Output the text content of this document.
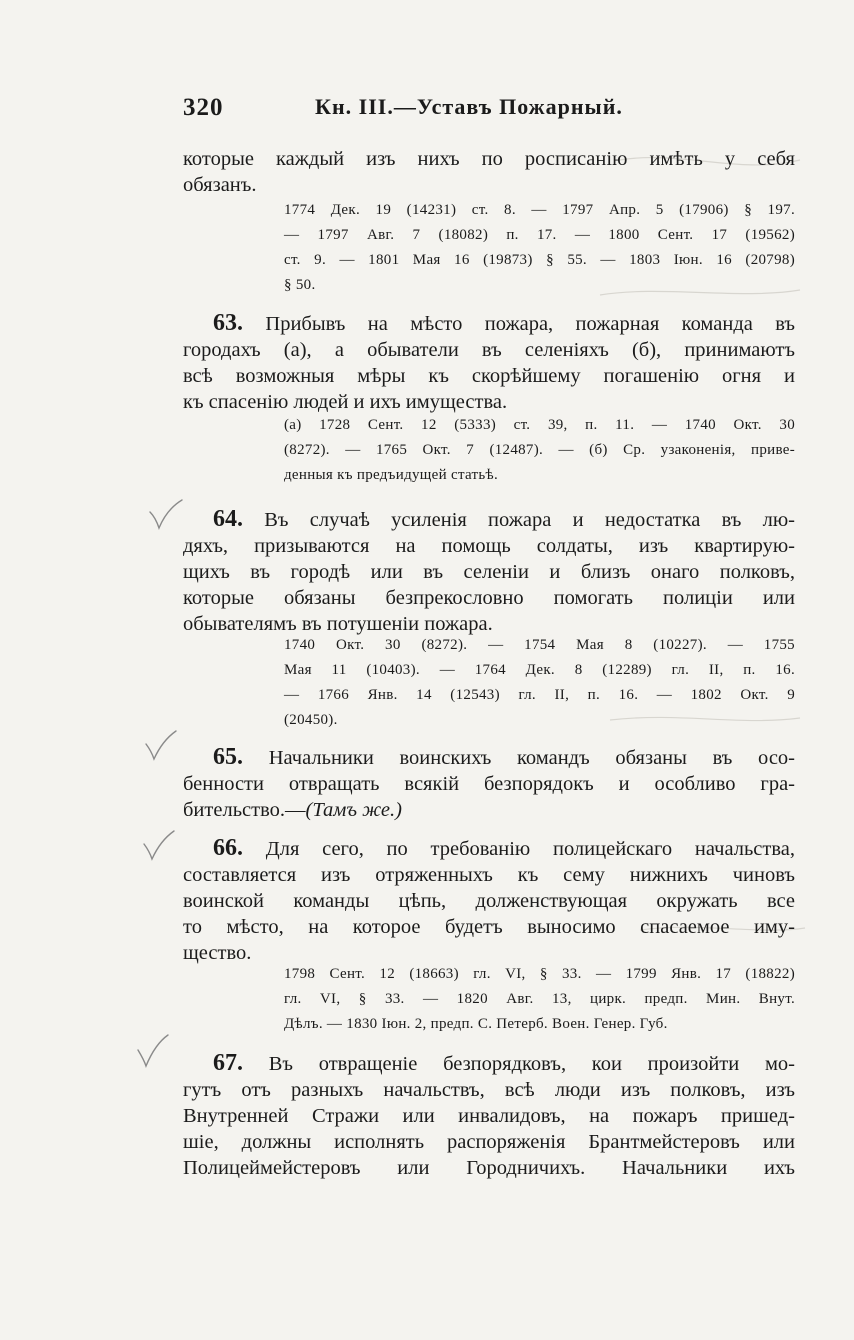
320	Кн. III.—Уставъ Пожарный.
которые каждый изъ нихъ по росписанію имѣть у себя
обязанъ.
1774 Дек. 19 (14231) ст. 8. — 1797 Апр. 5 (17906) § 197.
— 1797 Авг. 7 (18082) п. 17. — 1800 Сент. 17 (19562)
ст. 9. — 1801 Мая 16 (19873) § 55. — 1803 Іюн. 16 (20798)
§ 50.
63. Прибывъ на мѣсто пожара, пожарная команда въ
городахъ (а), а обыватели въ селеніяхъ (б), принимаютъ
всѣ возможныя мѣры къ скорѣйшему погашенію огня и
къ спасенію людей и ихъ имущества.
(а) 1728 Сент. 12 (5333) ст. 39, п. 11. — 1740 Окт. 30
(8272). — 1765 Окт. 7 (12487). — (б) Ср. узаконенія, приве-
денныя къ предъидущей статьѣ.
64. Въ случаѣ усиленія пожара и недостатка въ лю-
дяхъ, призываются на помощь солдаты, изъ квартирую-
щихъ въ городѣ или въ селеніи и близъ онаго полковъ,
которые обязаны безпрекословно помогать полиціи или
обывателямъ въ потушеніи пожара.
1740 Окт. 30 (8272). — 1754 Мая 8 (10227). — 1755
Мая 11 (10403). — 1764 Дек. 8 (12289) гл. II, п. 16.
— 1766 Янв. 14 (12543) гл. II, п. 16. — 1802 Окт. 9
(20450).
65. Начальники воинскихъ командъ обязаны въ осо-
бенности отвращать всякій безпорядокъ и особливо гра-
бительство.—(Тамъ же.)
66. Для сего, по требованію полицейскаго начальства,
составляется изъ отряженныхъ къ сему нижнихъ чиновъ
воинской команды цѣпь, долженствующая окружать все
то мѣсто, на которое будетъ выносимо спасаемое иму-
щество.
1798 Сент. 12 (18663) гл. VI, § 33. — 1799 Янв. 17 (18822)
гл. VI, § 33. — 1820 Авг. 13, цирк. предп. Мин. Внут.
Дѣлъ. — 1830 Іюн. 2, предп. С. Петерб. Воен. Генер. Губ.
67. Въ отвращеніе безпорядковъ, кои произойти мо-
гутъ отъ разныхъ начальствъ, всѣ люди изъ полковъ, изъ
Внутренней Стражи или инвалидовъ, на пожаръ пришед-
шіе, должны исполнять распоряженія Брантмейстеровъ или
Полицеймейстеровъ или Городничихъ. Начальники ихъ
